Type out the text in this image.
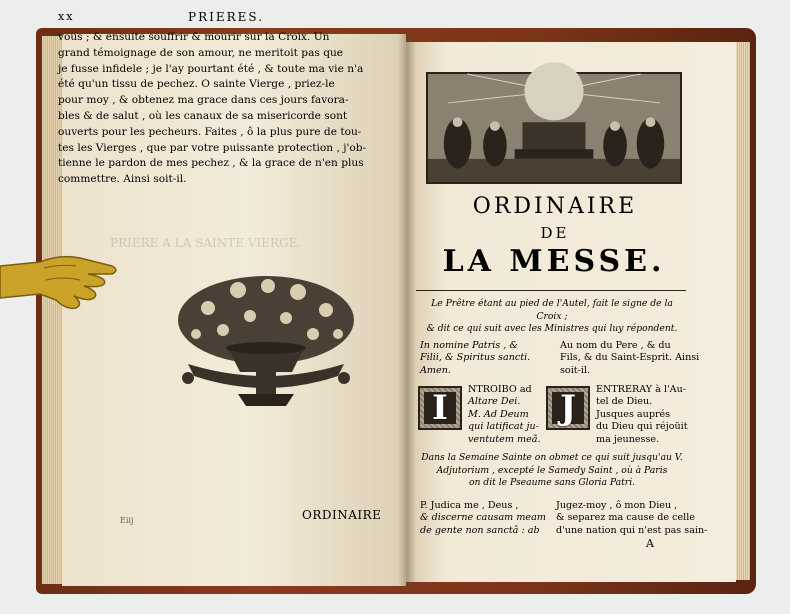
xx	PRIERES.
vous ; & ensuite souffrir & mourir sur la Croix. Un
grand témoignage de son amour, ne meritoit pas que
je fusse infidele ; je l'ay pourtant été , & toute ma vie n'a
été qu'un tissu de pechez. O sainte Vierge , priez-le
pour moy , & obtenez ma grace dans ces jours favora-
bles & de salut , où les canaux de sa misericorde sont
ouverts pour les pecheurs. Faites , ô la plus pure de tou-
tes les Vierges , que par votre puissante protection , j'ob-
tienne le pardon de mes pechez , & la grace de n'en plus
commettre. Ainsi soit-il.
PRIERE A LA SAINTE VIERGE.
Eiij	ORDINAIRE
ORDINAIRE
DE
LA MESSE.
Le Prêtre étant au pied de l'Autel, fait le signe de la Croix ;
& dit ce qui suit avec les Ministres qui luy répondent.
In nomine Patris , &
Filii, & Spiritus sancti.
Amen.
Au nom du Pere , & du
Fils, & du Saint-Esprit. Ainsi
soit-il.
I	NTROIBO ad
Altare Dei.
M. Ad Deum
qui latificat ju-
ventutem meã.
J	ENTRERAY à l'Au-
tel de Dieu.
Jusques auprés
du Dieu qui réjoüit
ma jeunesse.
Dans la Semaine Sainte on obmet ce qui suit jusqu'au V.
Adjutorium , excepté le Samedy Saint , où à Paris
on dit le Pseaume sans Gloria Patri.
P. Judica me , Deus ,
& discerne causam meam
de gente non sanctâ : ab
Jugez-moy , ô mon Dieu ,
& separez ma cause de celle
d'une nation qui n'est pas sain-
A
